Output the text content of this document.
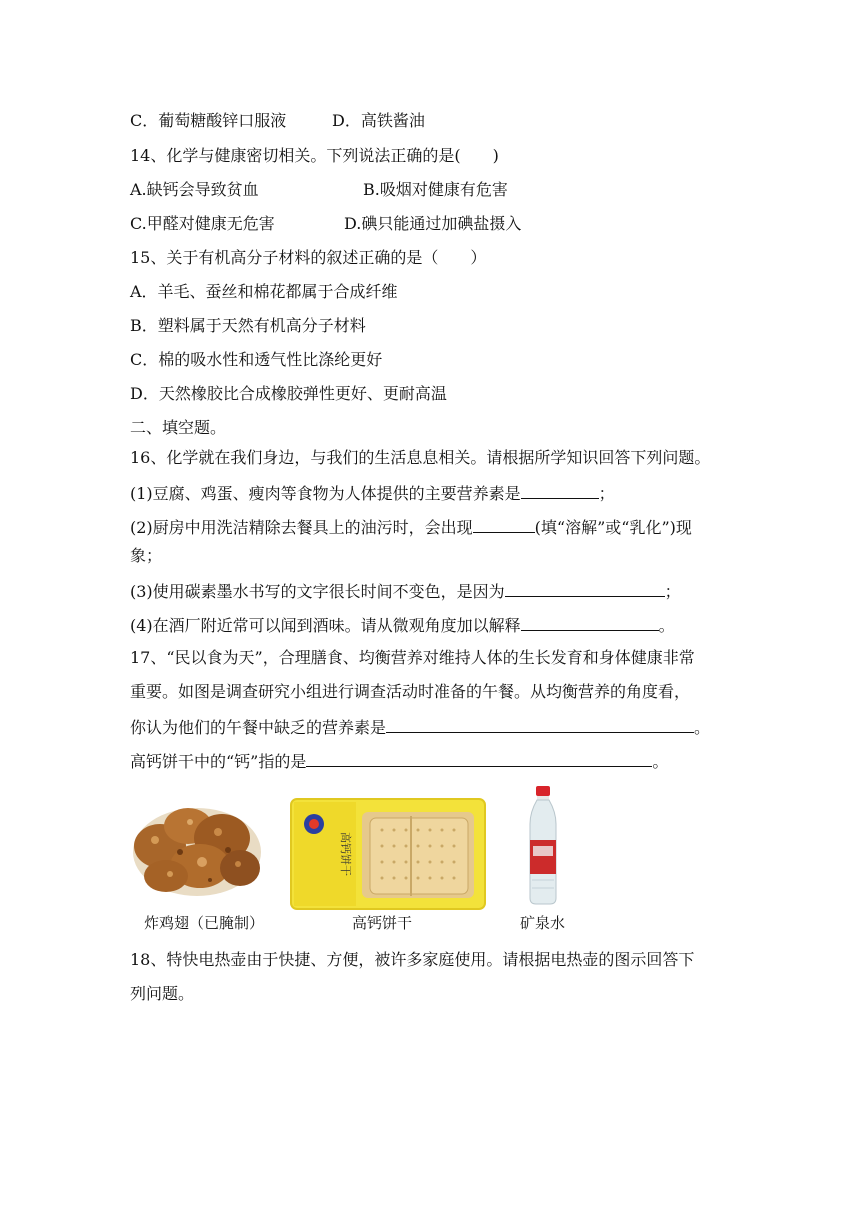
C．葡萄糖酸锌口服液	D．高铁酱油
14、化学与健康密切相关。下列说法正确的是(　　)
A.缺钙会导致贫血	B.吸烟对健康有危害
C.甲醛对健康无危害	D.碘只能通过加碘盐摄入
15、关于有机高分子材料的叙述正确的是（　　）
A．羊毛、蚕丝和棉花都属于合成纤维
B．塑料属于天然有机高分子材料
C．棉的吸水性和透气性比涤纶更好
D．天然橡胶比合成橡胶弹性更好、更耐高温
二、填空题。
16、化学就在我们身边，与我们的生活息息相关。请根据所学知识回答下列问题。
(1)豆腐、鸡蛋、瘦肉等食物为人体提供的主要营养素是	；
(2)厨房中用洗洁精除去餐具上的油污时，会出现	(填“溶解”或“乳化”)现
象；
(3)使用碳素墨水书写的文字很长时间不变色，是因为	；
(4)在酒厂附近常可以闻到酒味。请从微观角度加以解释	。
17、“民以食为天”，合理膳食、均衡营养对维持人体的生长发育和身体健康非常
重要。如图是调查研究小组进行调查活动时准备的午餐。从均衡营养的角度看，
你认为他们的午餐中缺乏的营养素是	。
高钙饼干中的“钙”指的是	。
高钙饼干
炸鸡翅（已腌制）	高钙饼干	矿泉水
18、特快电热壶由于快捷、方便，被许多家庭使用。请根据电热壶的图示回答下
列问题。
